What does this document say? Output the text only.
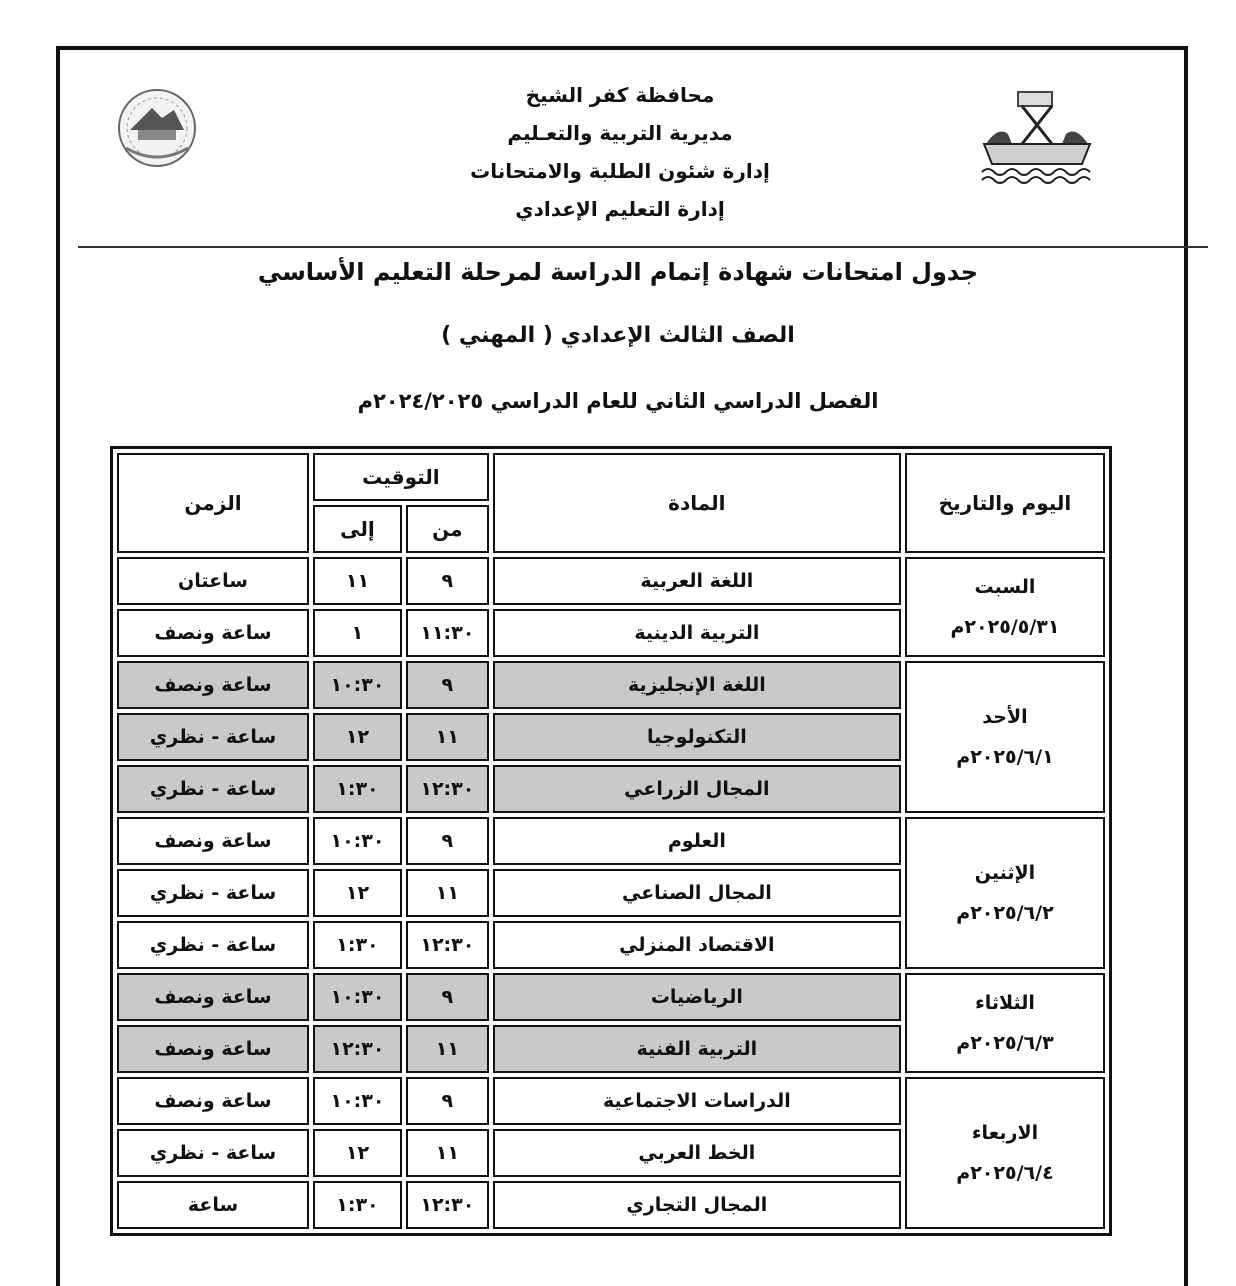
محافظة كفر الشيخ
مديرية التربية والتعـليم
إدارة شئون الطلبة والامتحانات
إدارة التعليم الإعدادي
جدول امتحانات شهادة إتمام الدراسة لمرحلة التعليم الأساسي
الصف الثالث الإعدادي ( المهني )
الفصل الدراسي الثاني للعام الدراسي ٢٠٢٤/٢٠٢٥م
اليوم والتاريخ	المادة	التوقيت		الزمن
		من	إلى	

السبت
٢٠٢٥/٥/٣١م	اللغة العربية	٩	١١	ساعتان
	التربية الدينية	١١:٣٠	١	ساعة ونصف

الأحد
٢٠٢٥/٦/١م	اللغة الإنجليزية	٩	١٠:٣٠	ساعة ونصف
	التكنولوجيا	١١	١٢	ساعة - نظري
	المجال الزراعي	١٢:٣٠	١:٣٠	ساعة - نظري

الإثنين
٢٠٢٥/٦/٢م	العلوم	٩	١٠:٣٠	ساعة ونصف
	المجال الصناعي	١١	١٢	ساعة - نظري
	الاقتصاد المنزلي	١٢:٣٠	١:٣٠	ساعة - نظري

الثلاثاء
٢٠٢٥/٦/٣م	الرياضيات	٩	١٠:٣٠	ساعة ونصف
	التربية الفنية	١١	١٢:٣٠	ساعة ونصف

الاربعاء
٢٠٢٥/٦/٤م	الدراسات الاجتماعية	٩	١٠:٣٠	ساعة ونصف
	الخط العربي	١١	١٢	ساعة - نظري
	المجال التجاري	١٢:٣٠	١:٣٠	ساعة
